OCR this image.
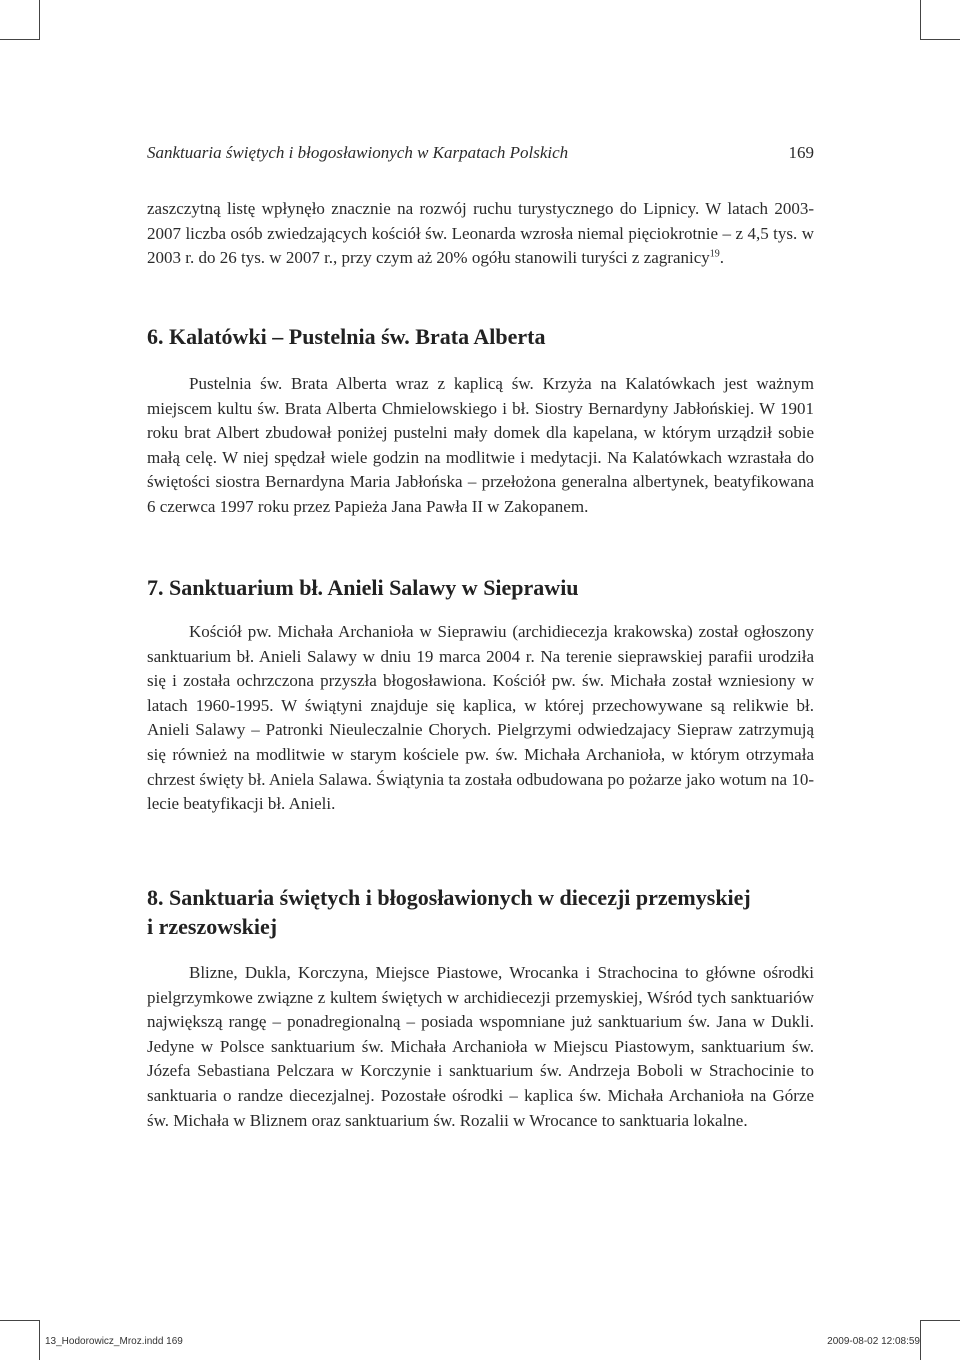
Sanktuaria świętych i błogosławionych w Karpatach Polskich	169

zaszczytną listę wpłynęło znacznie na rozwój ruchu turystycznego do Lipnicy. W latach 2003-2007 liczba osób zwiedzających kościół św. Leonarda wzrosła niemal pięciokrotnie – z 4,5 tys. w 2003 r. do 26 tys. w 2007 r., przy czym aż 20% ogółu stanowili turyści z zagranicy$^{19}$.

6. Kalatówki – Pustelnia św. Brata Alberta

Pustelnia św. Brata Alberta wraz z kaplicą św. Krzyża na Kalatówkach jest ważnym miejscem kultu św. Brata Alberta Chmielowskiego i bł. Siostry Bernardyny Jabłońskiej. W 1901 roku brat Albert zbudował poniżej pustelni mały domek dla kapelana, w którym urządził sobie małą celę. W niej spędzał wiele godzin na modlitwie i medytacji. Na Kalatówkach wzrastała do świętości siostra Bernardyna Maria Jabłońska – przełożona generalna albertynek, beatyfikowana 6 czerwca 1997 roku przez Papieża Jana Pawła II w Zakopanem.

7. Sanktuarium bł. Anieli Salawy w Sieprawiu

Kościół pw. Michała Archanioła w Sieprawiu (archidiecezja krakowska) został ogłoszony sanktuarium bł. Anieli Salawy w dniu 19 marca 2004 r. Na terenie sieprawskiej parafii urodziła się i została ochrzczona przyszła błogosławiona. Kościół pw. św. Michała został wzniesiony w latach 1960-1995. W świątyni znajduje się kaplica, w której przechowywane są relikwie bł. Anieli Salawy – Patronki Nieuleczalnie Chorych. Pielgrzymi odwiedzajacy Siepraw zatrzymują się również na modlitwie w starym kościele pw. św. Michała Archanioła, w którym otrzymała chrzest święty bł. Aniela Salawa. Świątynia ta została odbudowana po pożarze jako wotum na 10-lecie beatyfikacji bł. Anieli.

8. Sanktuaria świętych i błogosławionych w diecezji przemyskiej
i rzeszowskiej

Blizne, Dukla, Korczyna, Miejsce Piastowe, Wrocanka i Strachocina to główne ośrodki pielgrzymkowe związne z kultem świętych w archidiecezji przemyskiej, Wśród tych sanktuariów największą rangę – ponadregionalną – posiada wspomniane już sanktuarium św. Jana w Dukli. Jedyne w Polsce sanktuarium św. Michała Archanioła w Miejscu Piastowym, sanktuarium św. Józefa Sebastiana Pelczara w Korczynie i sanktuarium św. Andrzeja Boboli w Strachocinie to sanktuaria o randze diecezjalnej. Pozostałe ośrodki – kaplica św. Michała Archanioła na Górze św. Michała w Bliznem oraz sanktuarium św. Rozalii w Wrocance to sanktuaria lokalne.

13_Hodorowicz_Mroz.indd 169	2009-08-02 12:08:59
